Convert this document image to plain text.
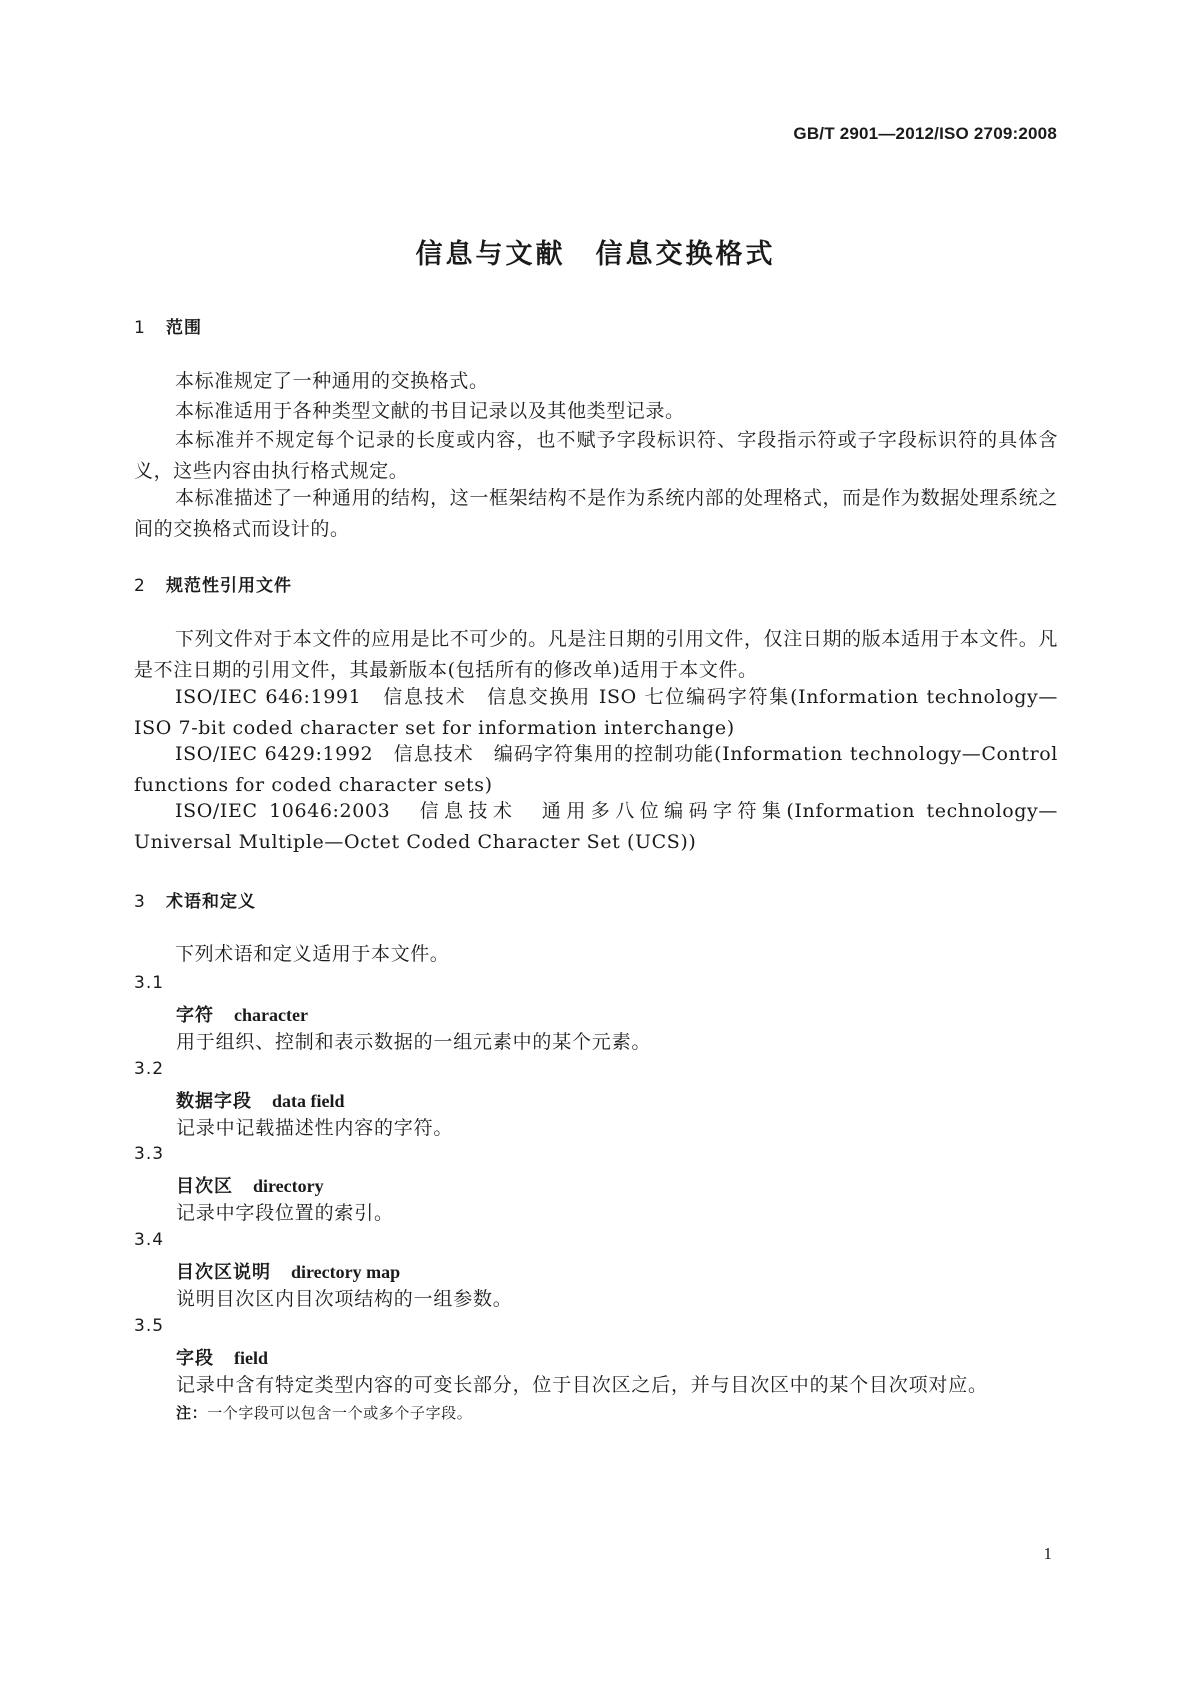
GB/T 2901—2012/ISO 2709:2008
信息与文献　信息交换格式
1 范围
本标准规定了一种通用的交换格式。
本标准适用于各种类型文献的书目记录以及其他类型记录。
本标准并不规定每个记录的长度或内容，也不赋予字段标识符、字段指示符或子字段标识符的具体含义，这些内容由执行格式规定。
本标准描述了一种通用的结构，这一框架结构不是作为系统内部的处理格式，而是作为数据处理系统之间的交换格式而设计的。
2 规范性引用文件
下列文件对于本文件的应用是比不可少的。凡是注日期的引用文件，仅注日期的版本适用于本文件。凡是不注日期的引用文件，其最新版本(包括所有的修改单)适用于本文件。
ISO/IEC 646:1991　信息技术　信息交换用 ISO 七位编码字符集(Information technology—ISO 7-bit coded character set for information interchange)
ISO/IEC 6429:1992　信息技术　编码字符集用的控制功能(Information technology—Control functions for coded character sets)
ISO/IEC 10646:2003　信息技术　通用多八位编码字符集(Information technology—Universal Multiple—Octet Coded Character Set (UCS))
3 术语和定义
下列术语和定义适用于本文件。
3.1
字符 character
用于组织、控制和表示数据的一组元素中的某个元素。
3.2
数据字段 data field
记录中记载描述性内容的字符。
3.3
目次区 directory
记录中字段位置的索引。
3.4
目次区说明 directory map
说明目次区内目次项结构的一组参数。
3.5
字段 field
记录中含有特定类型内容的可变长部分，位于目次区之后，并与目次区中的某个目次项对应。
注：一个字段可以包含一个或多个子字段。
1
